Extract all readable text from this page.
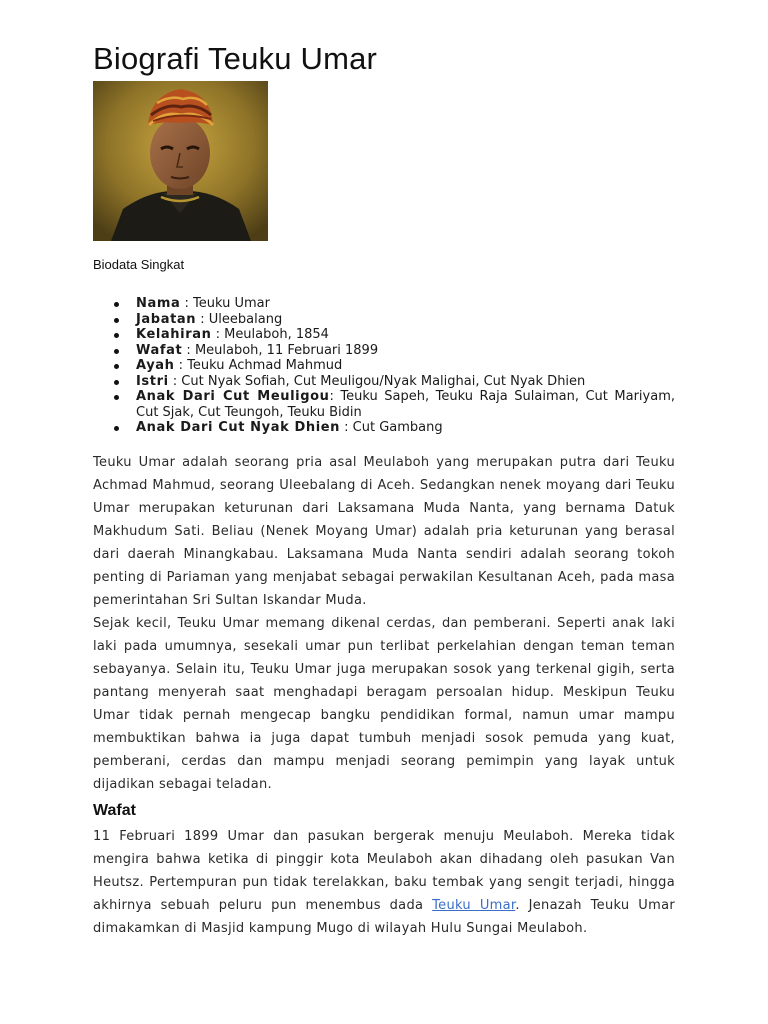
Biografi Teuku Umar
Biodata Singkat
Nama : Teuku Umar
Jabatan : Uleebalang
Kelahiran : Meulaboh, 1854
Wafat : Meulaboh, 11 Februari 1899
Ayah : Teuku Achmad Mahmud
Istri : Cut Nyak Sofiah, Cut Meuligou/Nyak Malighai, Cut Nyak Dhien
Anak Dari Cut Meuligou: Teuku Sapeh, Teuku Raja Sulaiman, Cut Mariyam, Cut Sjak, Cut Teungoh, Teuku Bidin
Anak Dari Cut Nyak Dhien : Cut Gambang

Teuku Umar adalah seorang pria asal Meulaboh yang merupakan putra dari Teuku Achmad Mahmud, seorang Uleebalang di Aceh. Sedangkan nenek moyang dari Teuku Umar merupakan keturunan dari Laksamana Muda Nanta, yang bernama Datuk Makhudum Sati. Beliau (Nenek Moyang Umar) adalah pria keturunan yang berasal dari daerah Minangkabau. Laksamana Muda Nanta sendiri adalah seorang tokoh penting di Pariaman yang menjabat sebagai perwakilan Kesultanan Aceh, pada masa pemerintahan Sri Sultan Iskandar Muda.

Sejak kecil, Teuku Umar memang dikenal cerdas, dan pemberani. Seperti anak laki laki pada umumnya, sesekali umar pun terlibat perkelahian dengan teman teman sebayanya. Selain itu, Teuku Umar juga merupakan sosok yang terkenal gigih, serta pantang menyerah saat menghadapi beragam persoalan hidup. Meskipun Teuku Umar tidak pernah mengecap bangku pendidikan formal, namun umar mampu membuktikan bahwa ia juga dapat tumbuh menjadi sosok pemuda yang kuat, pemberani, cerdas dan mampu menjadi seorang pemimpin yang layak untuk dijadikan sebagai teladan.

Wafat

11 Februari 1899 Umar dan pasukan bergerak menuju Meulaboh. Mereka tidak mengira bahwa ketika di pinggir kota Meulaboh akan dihadang oleh pasukan Van Heutsz. Pertempuran pun tidak terelakkan, baku tembak yang sengit terjadi, hingga akhirnya sebuah peluru pun menembus dada Teuku Umar. Jenazah Teuku Umar dimakamkan di Masjid kampung Mugo di wilayah Hulu Sungai Meulaboh.
